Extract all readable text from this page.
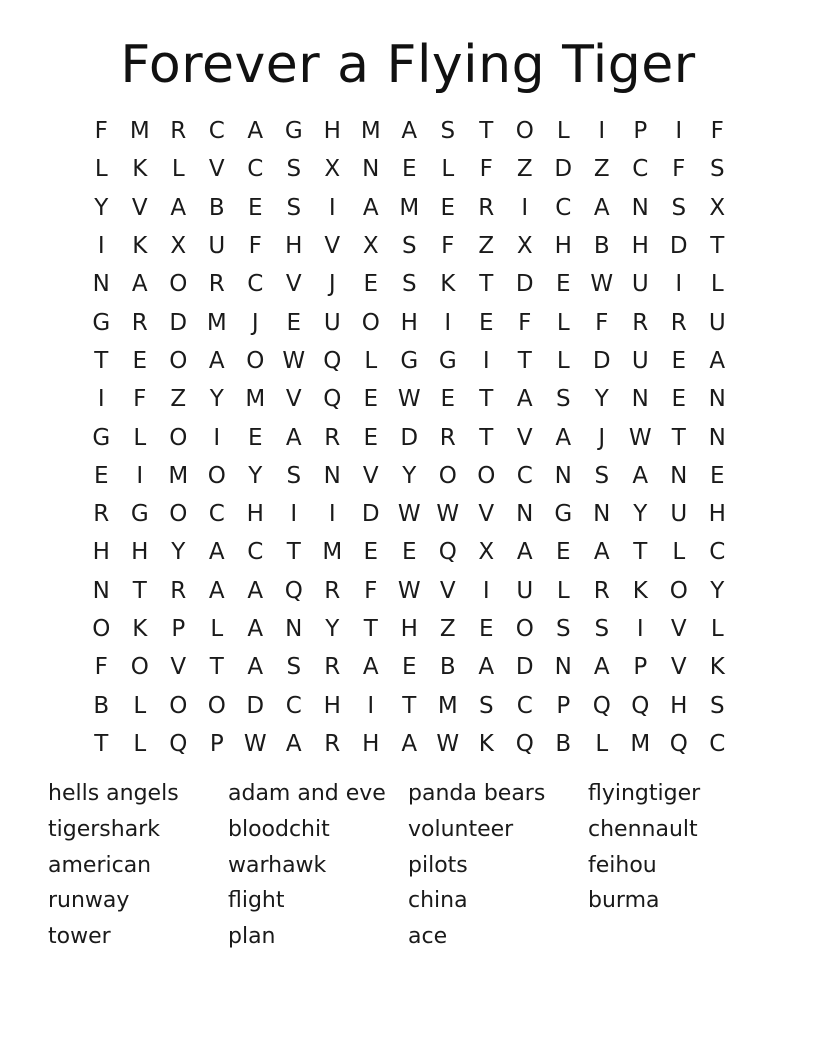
Forever a Flying Tiger
F M R C A G H M A	S	T O	L	I	P	I	F
L	K	L	V C	S	X N E	L	F	Z D Z C	F	S
Y	V A B	E	S	I	A M E	R	I	C A N S	X
I	K	X U	F	H V X	S	F	Z X H B H D T
N A O R C V	J	E	S	K	T D E W U	I	L
G R D M	J	E U O H	I	E	F	L	F	R R U
T	E O A O W Q	L	G G	I	T	L	D U E	A
I	F	Z	Y M V Q E W E	T	A	S	Y N E N
G	L	O	I	E	A R	E D R	T	V A	J	W T N
E	I	M O Y	S N V	Y O O C N S	A N E
R G O C H	I	I	D W W V N G N Y	U H
H H Y	A C	T M E	E Q X A	E	A	T	L	C
N T	R A A Q R	F W V	I	U	L	R K O Y
O K	P	L	A N Y	T H Z	E O S	S	I	V	L
F O V	T	A	S	R A	E	B A D N A	P	V	K
B	L	O O D C H	I	T M S	C	P Q Q H S
T	L	Q P W A R H A W K Q B	L M Q C
hells angels	adam and eve	panda bears	flyingtiger
tigershark	bloodchit	volunteer	chennault
american	warhawk	pilots	feihou
runway	flight	china	burma
tower	plan	ace
